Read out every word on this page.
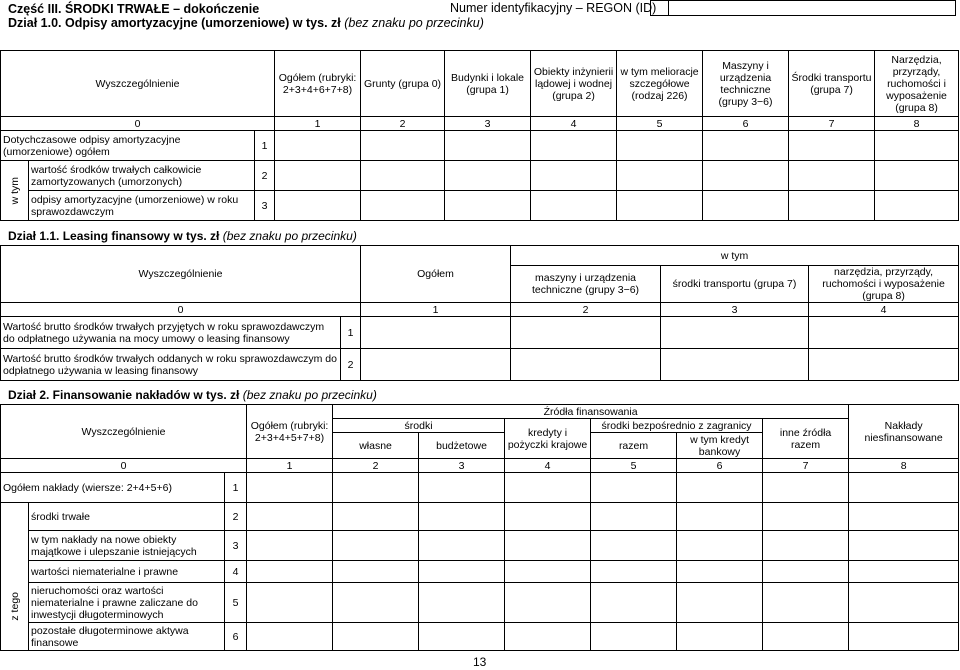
Część III. ŚRODKI TRWAŁE – dokończenie
Dział 1.0. Odpisy amortyzacyjne (umorzeniowe) w tys. zł (bez znaku po przecinku)
Numer identyfikacyjny – REGON (ID)
Wyszczególnienie			Ogółem (rubryki: 2+3+4+6+7+8)	Grunty (grupa 0)	Budynki i lokale (grupa 1)	Obiekty inżynierii lądowej i wodnej (grupa 2)	w tym melioracje szczegółowe (rodzaj 226)	Maszyny i urządzenia techniczne (grupy 3−6)	Środki transportu (grupa 7)	Narzędzia, przyrządy, ruchomości i wyposażenie (grupa 8)
0			1	2	3	4	5	6	7	8
Dotychczasowe odpisy amortyzacyjne (umorzeniowe) ogółem		1								

w tym	wartość środków trwałych całkowicie zamortyzowanych (umorzonych)	2								
	odpisy amortyzacyjne (umorzeniowe) w roku sprawozdawczym	3								
Dział 1.1. Leasing finansowy w tys. zł (bez znaku po przecinku)
Wyszczególnienie		Ogółem	w tym		
			maszyny i urządzenia techniczne (grupy 3−6)	środki transportu (grupa 7)	narzędzia, przyrządy, ruchomości i wyposażenie (grupa 8)
0		1	2	3	4
Wartość brutto środków trwałych przyjętych w roku sprawozdawczym do odpłatnego używania na mocy umowy o leasing finansowy	1				
Wartość brutto środków trwałych oddanych w roku sprawozdawczym do odpłatnego używania w leasing finansowy	2				
Dział 2. Finansowanie nakładów w tys. zł (bez znaku po przecinku)
Wyszczególnienie			Ogółem (rubryki: 2+3+4+5+7+8)	Źródła finansowania						Nakłady niesfinansowane
				środki		kredyty i pożyczki krajowe	środki bezpośrednio z zagranicy		inne źródła razem	
				własne	budżetowe		razem	w tym kredyt bankowy		
0			1	2	3	4	5	6	7	8
Ogółem nakłady (wiersze: 2+4+5+6)		1								

z tego	środki trwałe	2								
	w tym nakłady na nowe obiekty majątkowe i ulepszanie istniejących	3								
	wartości niematerialne i prawne	4								
	nieruchomości oraz wartości niematerialne i prawne zaliczane do inwestycji długoterminowych	5								
	pozostałe długoterminowe aktywa finansowe	6								
13
